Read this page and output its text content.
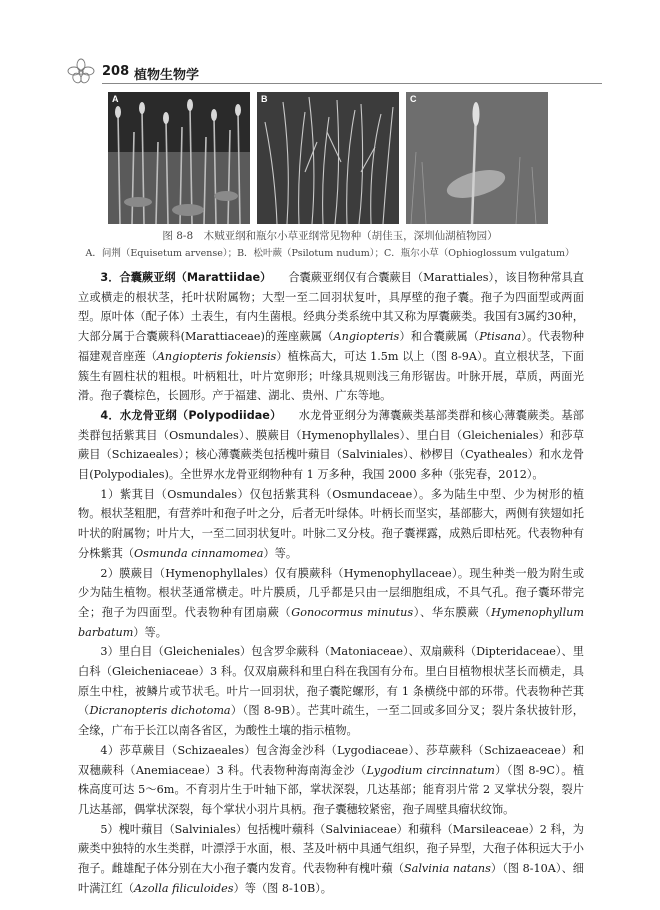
208 植物生物学
A	B	C
图 8-8　木贼亚纲和瓶尔小草亚纲常见物种（胡佳玉，深圳仙湖植物园）
A．问荆（Equisetum arvense）；B．松叶蕨（Psilotum nudum）；C．瓶尔小草（Ophioglossum vulgatum）

3．合囊蕨亚纲（Marattiidae）　　 合囊蕨亚纲仅有合囊蕨目（Marattiales），该目物种常具直立或横走的根状茎，托叶状附属物；大型一至二回羽状复叶，具厚壁的孢子囊。孢子为四面型或两面型。原叶体（配子体）土表生，有内生菌根。经典分类系统中其又称为厚囊蕨类。我国有3属约30种，大部分属于合囊蕨科(Marattiaceae)的莲座蕨属（Angiopteris）和合囊蕨属（Ptisana）。代表物种福建观音座莲（Angiopteris fokiensis）植株高大，可达 1.5m 以上（图 8-9A）。直立根状茎，下面簇生有圆柱状的粗根。叶柄粗壮，叶片宽卵形；叶缘具规则浅三角形锯齿。叶脉开展，草质，两面光滑。孢子囊棕色，长圆形。产于福建、湖北、贵州、广东等地。

4．水龙骨亚纲（Polypodiidae）　　 水龙骨亚纲分为薄囊蕨类基部类群和核心薄囊蕨类。基部类群包括紫萁目（Osmundales）、膜蕨目（Hymenophyllales）、里白目（Gleicheniales）和莎草蕨目（Schizaeales）；核心薄囊蕨类包括槐叶蘋目（Salviniales）、桫椤目（Cyatheales）和水龙骨目(Polypodiales)。全世界水龙骨亚纲物种有 1 万多种，我国 2000 多种（张宪春，2012）。

1）紫萁目（Osmundales）仅包括紫萁科（Osmundaceae）。多为陆生中型、少为树形的植物。根状茎粗肥，有营养叶和孢子叶之分，后者无叶绿体。叶柄长而坚实，基部膨大，两侧有狭翅如托叶状的附属物；叶片大，一至二回羽状复叶。叶脉二叉分枝。孢子囊裸露，成熟后即枯死。代表物种有分株紫萁（Osmunda cinnamomea）等。

2）膜蕨目（Hymenophyllales）仅有膜蕨科（Hymenophyllaceae）。现生种类一般为附生或少为陆生植物。根状茎通常横走。叶片膜质，几乎都是只由一层细胞组成，不具气孔。孢子囊环带完全；孢子为四面型。代表物种有团扇蕨（Gonocormus minutus）、华东膜蕨（Hymenophyllum barbatum）等。

3）里白目（Gleicheniales）包含罗伞蕨科（Matoniaceae）、双扇蕨科（Dipteridaceae）、里白科（Gleicheniaceae）3 科。仅双扇蕨科和里白科在我国有分布。里白目植物根状茎长而横走，具原生中柱，被鳞片或节状毛。叶片一回羽状，孢子囊陀螺形，有 1 条横绕中部的环带。代表物种芒萁（Dicranopteris dichotoma）（图 8-9B）。芒萁叶疏生，一至二回或多回分叉；裂片条状披针形，全缘，广布于长江以南各省区，为酸性土壤的指示植物。

4）莎草蕨目（Schizaeales）包含海金沙科（Lygodiaceae）、莎草蕨科（Schizaeaceae）和双穗蕨科（Anemiaceae）3 科。代表物种海南海金沙（Lygodium circinnatum）（图 8-9C）。植株高度可达 5～6m。不育羽片生于叶轴下部，掌状深裂，几达基部；能育羽片常 2 叉掌状分裂，裂片几达基部，偶掌状深裂，每个掌状小羽片具柄。孢子囊穗较紧密，孢子周壁具瘤状纹饰。

5）槐叶蘋目（Salviniales）包括槐叶蘋科（Salviniaceae）和蘋科（Marsileaceae）2 科，为蕨类中独特的水生类群，叶漂浮于水面，根、茎及叶柄中具通气组织，孢子异型，大孢子体积远大于小孢子。雌雄配子体分别在大小孢子囊内发育。代表物种有槐叶蘋（Salvinia natans）（图 8-10A）、细叶满江红（Azolla filiculoides）等（图 8-10B）。
